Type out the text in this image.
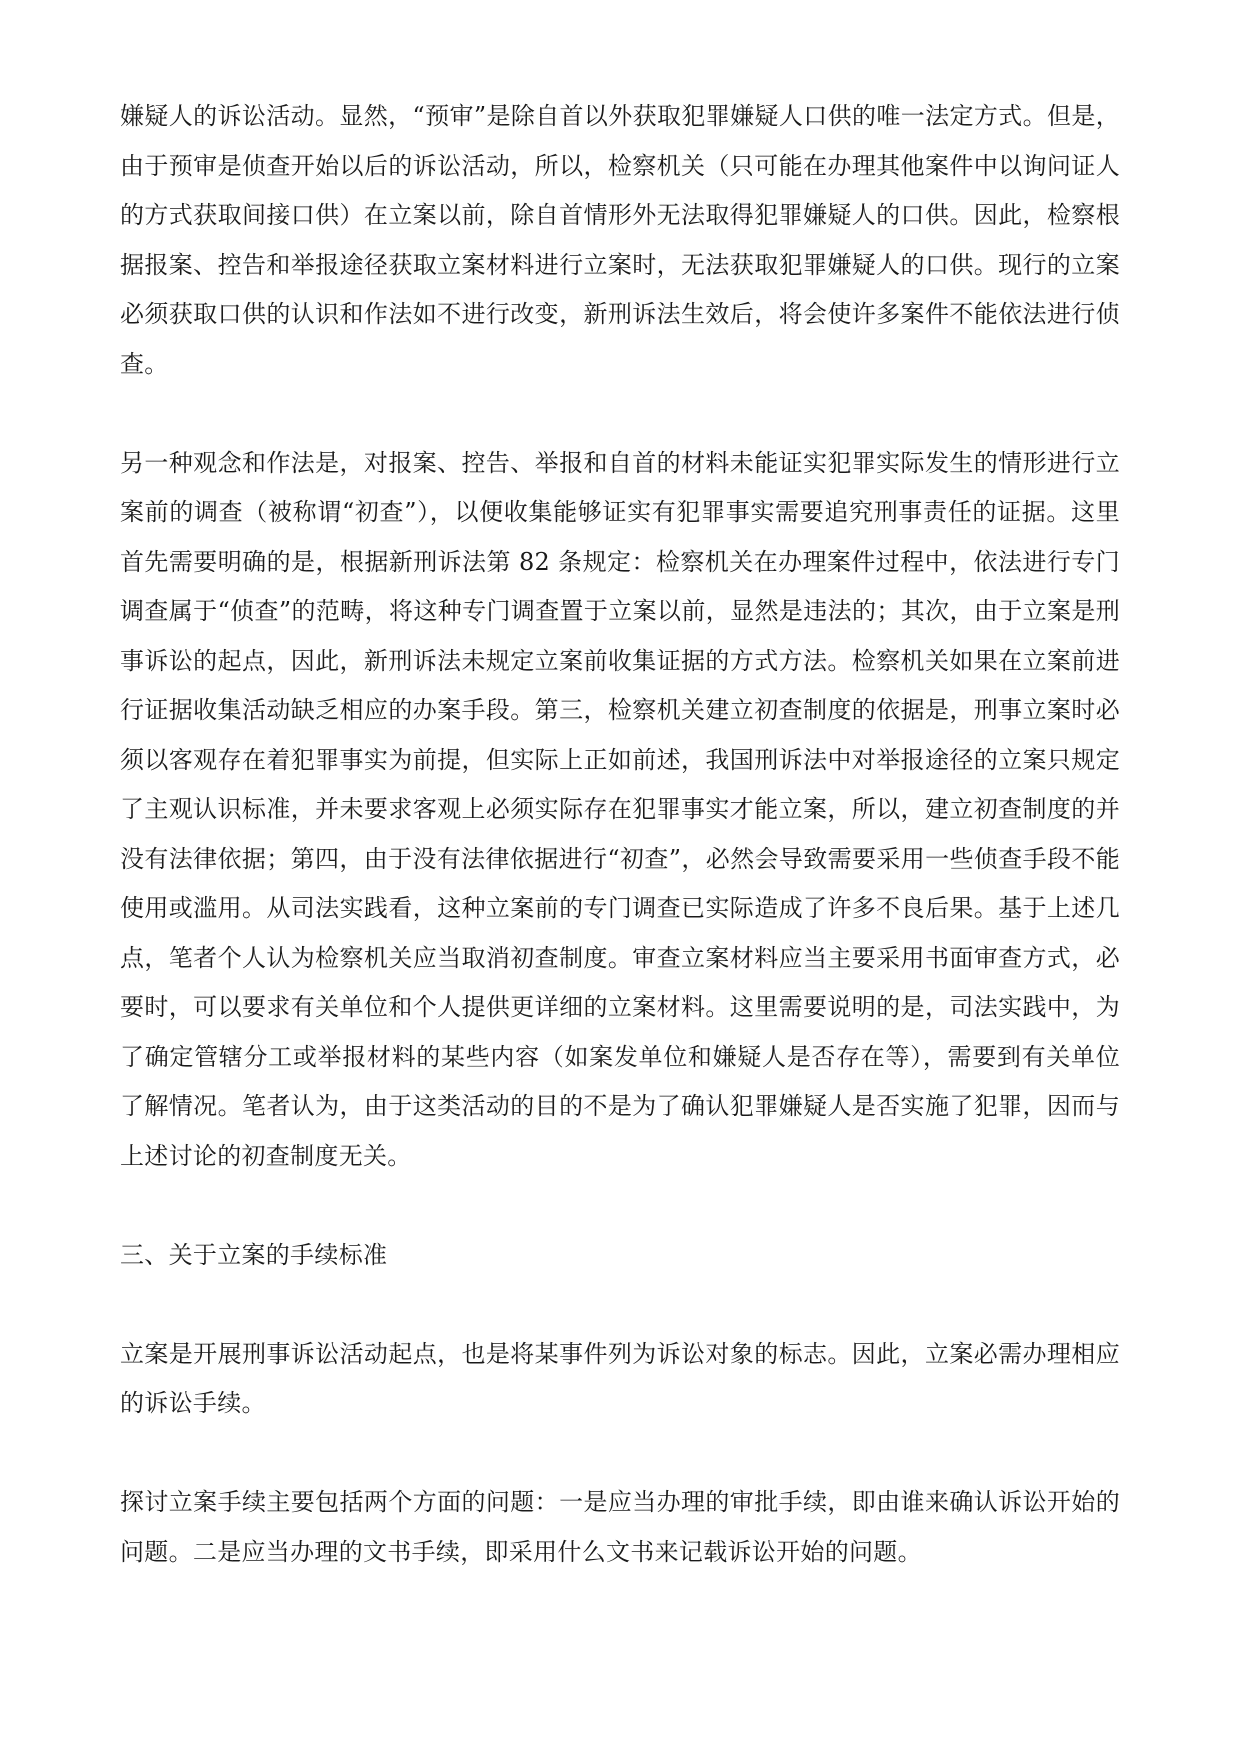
嫌疑人的诉讼活动。显然，“预审”是除自首以外获取犯罪嫌疑人口供的唯一法定方式。但是，由于预审是侦查开始以后的诉讼活动，所以，检察机关（只可能在办理其他案件中以询问证人的方式获取间接口供）在立案以前，除自首情形外无法取得犯罪嫌疑人的口供。因此，检察根据报案、控告和举报途径获取立案材料进行立案时，无法获取犯罪嫌疑人的口供。现行的立案必须获取口供的认识和作法如不进行改变，新刑诉法生效后，将会使许多案件不能依法进行侦查。

另一种观念和作法是，对报案、控告、举报和自首的材料未能证实犯罪实际发生的情形进行立案前的调查（被称谓“初查”），以便收集能够证实有犯罪事实需要追究刑事责任的证据。这里首先需要明确的是，根据新刑诉法第 82 条规定：检察机关在办理案件过程中，依法进行专门调查属于“侦查”的范畴，将这种专门调查置于立案以前，显然是违法的；其次，由于立案是刑事诉讼的起点，因此，新刑诉法未规定立案前收集证据的方式方法。检察机关如果在立案前进行证据收集活动缺乏相应的办案手段。第三，检察机关建立初查制度的依据是，刑事立案时必须以客观存在着犯罪事实为前提，但实际上正如前述，我国刑诉法中对举报途径的立案只规定了主观认识标准，并未要求客观上必须实际存在犯罪事实才能立案，所以，建立初查制度的并没有法律依据；第四，由于没有法律依据进行“初查”，必然会导致需要采用一些侦查手段不能使用或滥用。从司法实践看，这种立案前的专门调查已实际造成了许多不良后果。基于上述几点，笔者个人认为检察机关应当取消初查制度。审查立案材料应当主要采用书面审查方式，必要时，可以要求有关单位和个人提供更详细的立案材料。这里需要说明的是，司法实践中，为了确定管辖分工或举报材料的某些内容（如案发单位和嫌疑人是否存在等），需要到有关单位了解情况。笔者认为，由于这类活动的目的不是为了确认犯罪嫌疑人是否实施了犯罪，因而与上述讨论的初查制度无关。

三、关于立案的手续标准

立案是开展刑事诉讼活动起点，也是将某事件列为诉讼对象的标志。因此，立案必需办理相应的诉讼手续。

探讨立案手续主要包括两个方面的问题：一是应当办理的审批手续，即由谁来确认诉讼开始的问题。二是应当办理的文书手续，即采用什么文书来记载诉讼开始的问题。
